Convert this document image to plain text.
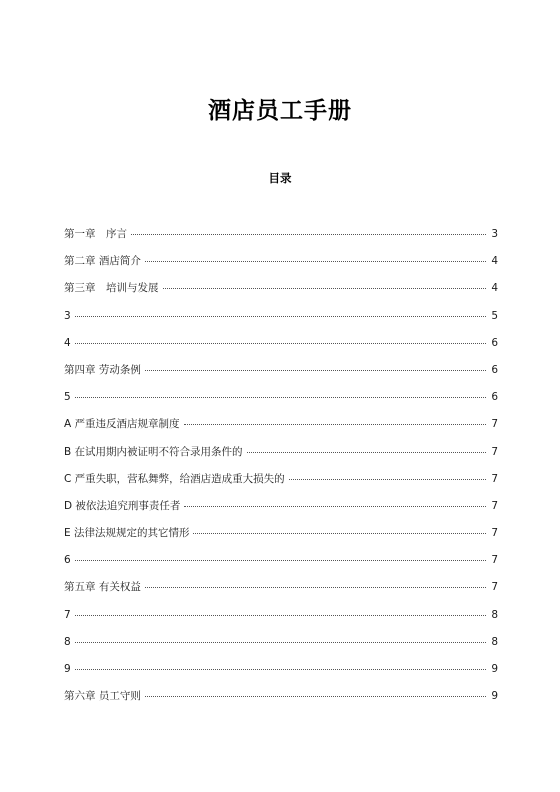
酒店员工手册
目录
第一章　序言	3
第二章 酒店简介	4
第三章　培训与发展	4
3	5
4	6
第四章 劳动条例	6
5	6
A 严重违反酒店规章制度	7
B 在试用期内被证明不符合录用条件的	7
C 严重失职，营私舞弊，给酒店造成重大损失的	7
D 被依法追究刑事责任者	7
E 法律法规规定的其它情形	7
6	7
第五章 有关权益	7
7	8
8	8
9	9
第六章 员工守则	9
